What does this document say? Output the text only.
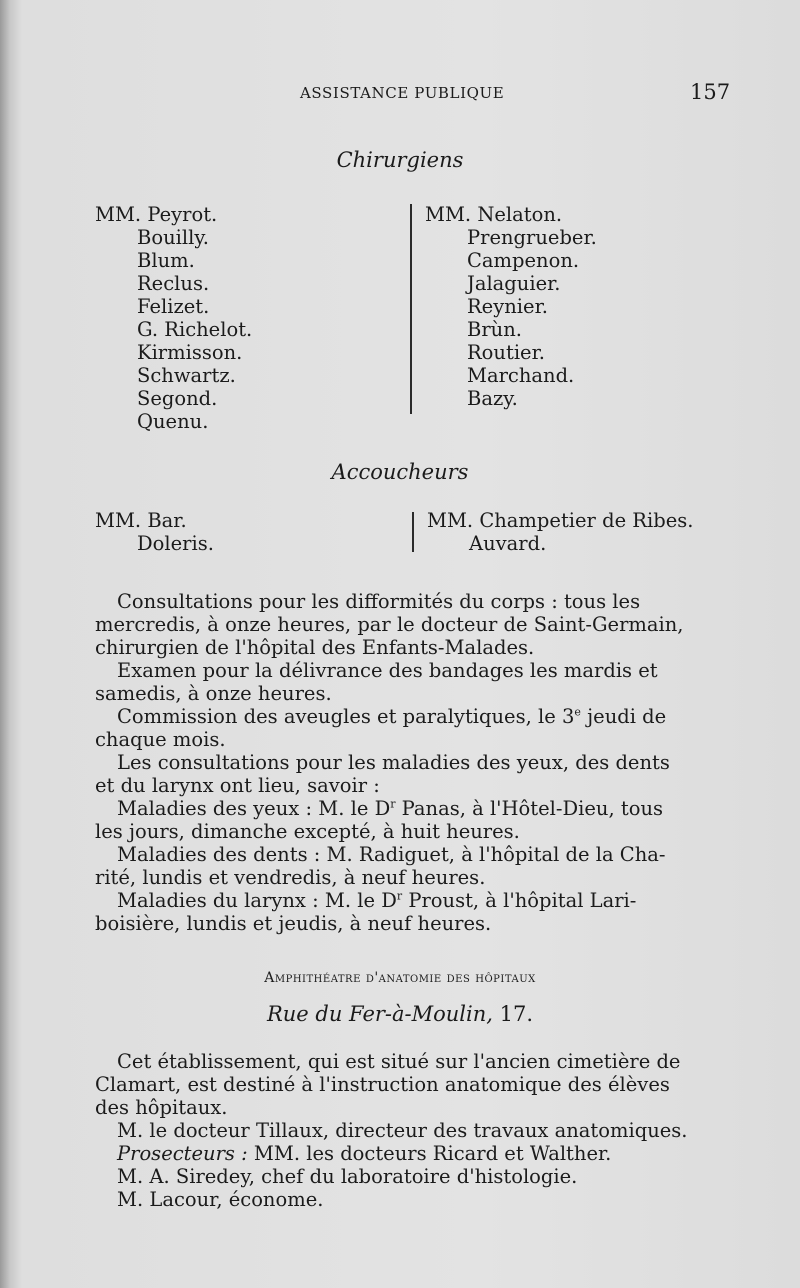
ASSISTANCE PUBLIQUE	157
Chirurgiens
MM. Peyrot.
Bouilly.
Blum.
Reclus.
Felizet.
G. Richelot.
Kirmisson.
Schwartz.
Segond.
Quenu.
MM. Nelaton.
Prengrueber.
Campenon.
Jalaguier.
Reynier.
Brùn.
Routier.
Marchand.
Bazy.
Accoucheurs
MM. Bar.
Doleris.
MM. Champetier de Ribes.
Auvard.
Consultations pour les difformités du corps : tous les
mercredis, à onze heures, par le docteur de Saint-Germain,
chirurgien de l'hôpital des Enfants-Malades.
Examen pour la délivrance des bandages les mardis et
samedis, à onze heures.
Commission des aveugles et paralytiques, le 3e jeudi de
chaque mois.
Les consultations pour les maladies des yeux, des dents
et du larynx ont lieu, savoir :
Maladies des yeux : M. le $D^r$ Panas, à l'Hôtel-Dieu, tous
les jours, dimanche excepté, à huit heures.
Maladies des dents : M. Radiguet, à l'hôpital de la Cha-
rité, lundis et vendredis, à neuf heures.
Maladies du larynx : M. le $D^r$ Proust, à l'hôpital Lari-
boisière, lundis et jeudis, à neuf heures.
Amphithéatre d'anatomie des hôpitaux
Rue du Fer-à-Moulin, 17.
Cet établissement, qui est situé sur l'ancien cimetière de
Clamart, est destiné à l'instruction anatomique des élèves
des hôpitaux.
M. le docteur Tillaux, directeur des travaux anatomiques.
Prosecteurs : MM. les docteurs Ricard et Walther.
M. A. Siredey, chef du laboratoire d'histologie.
M. Lacour, économe.
